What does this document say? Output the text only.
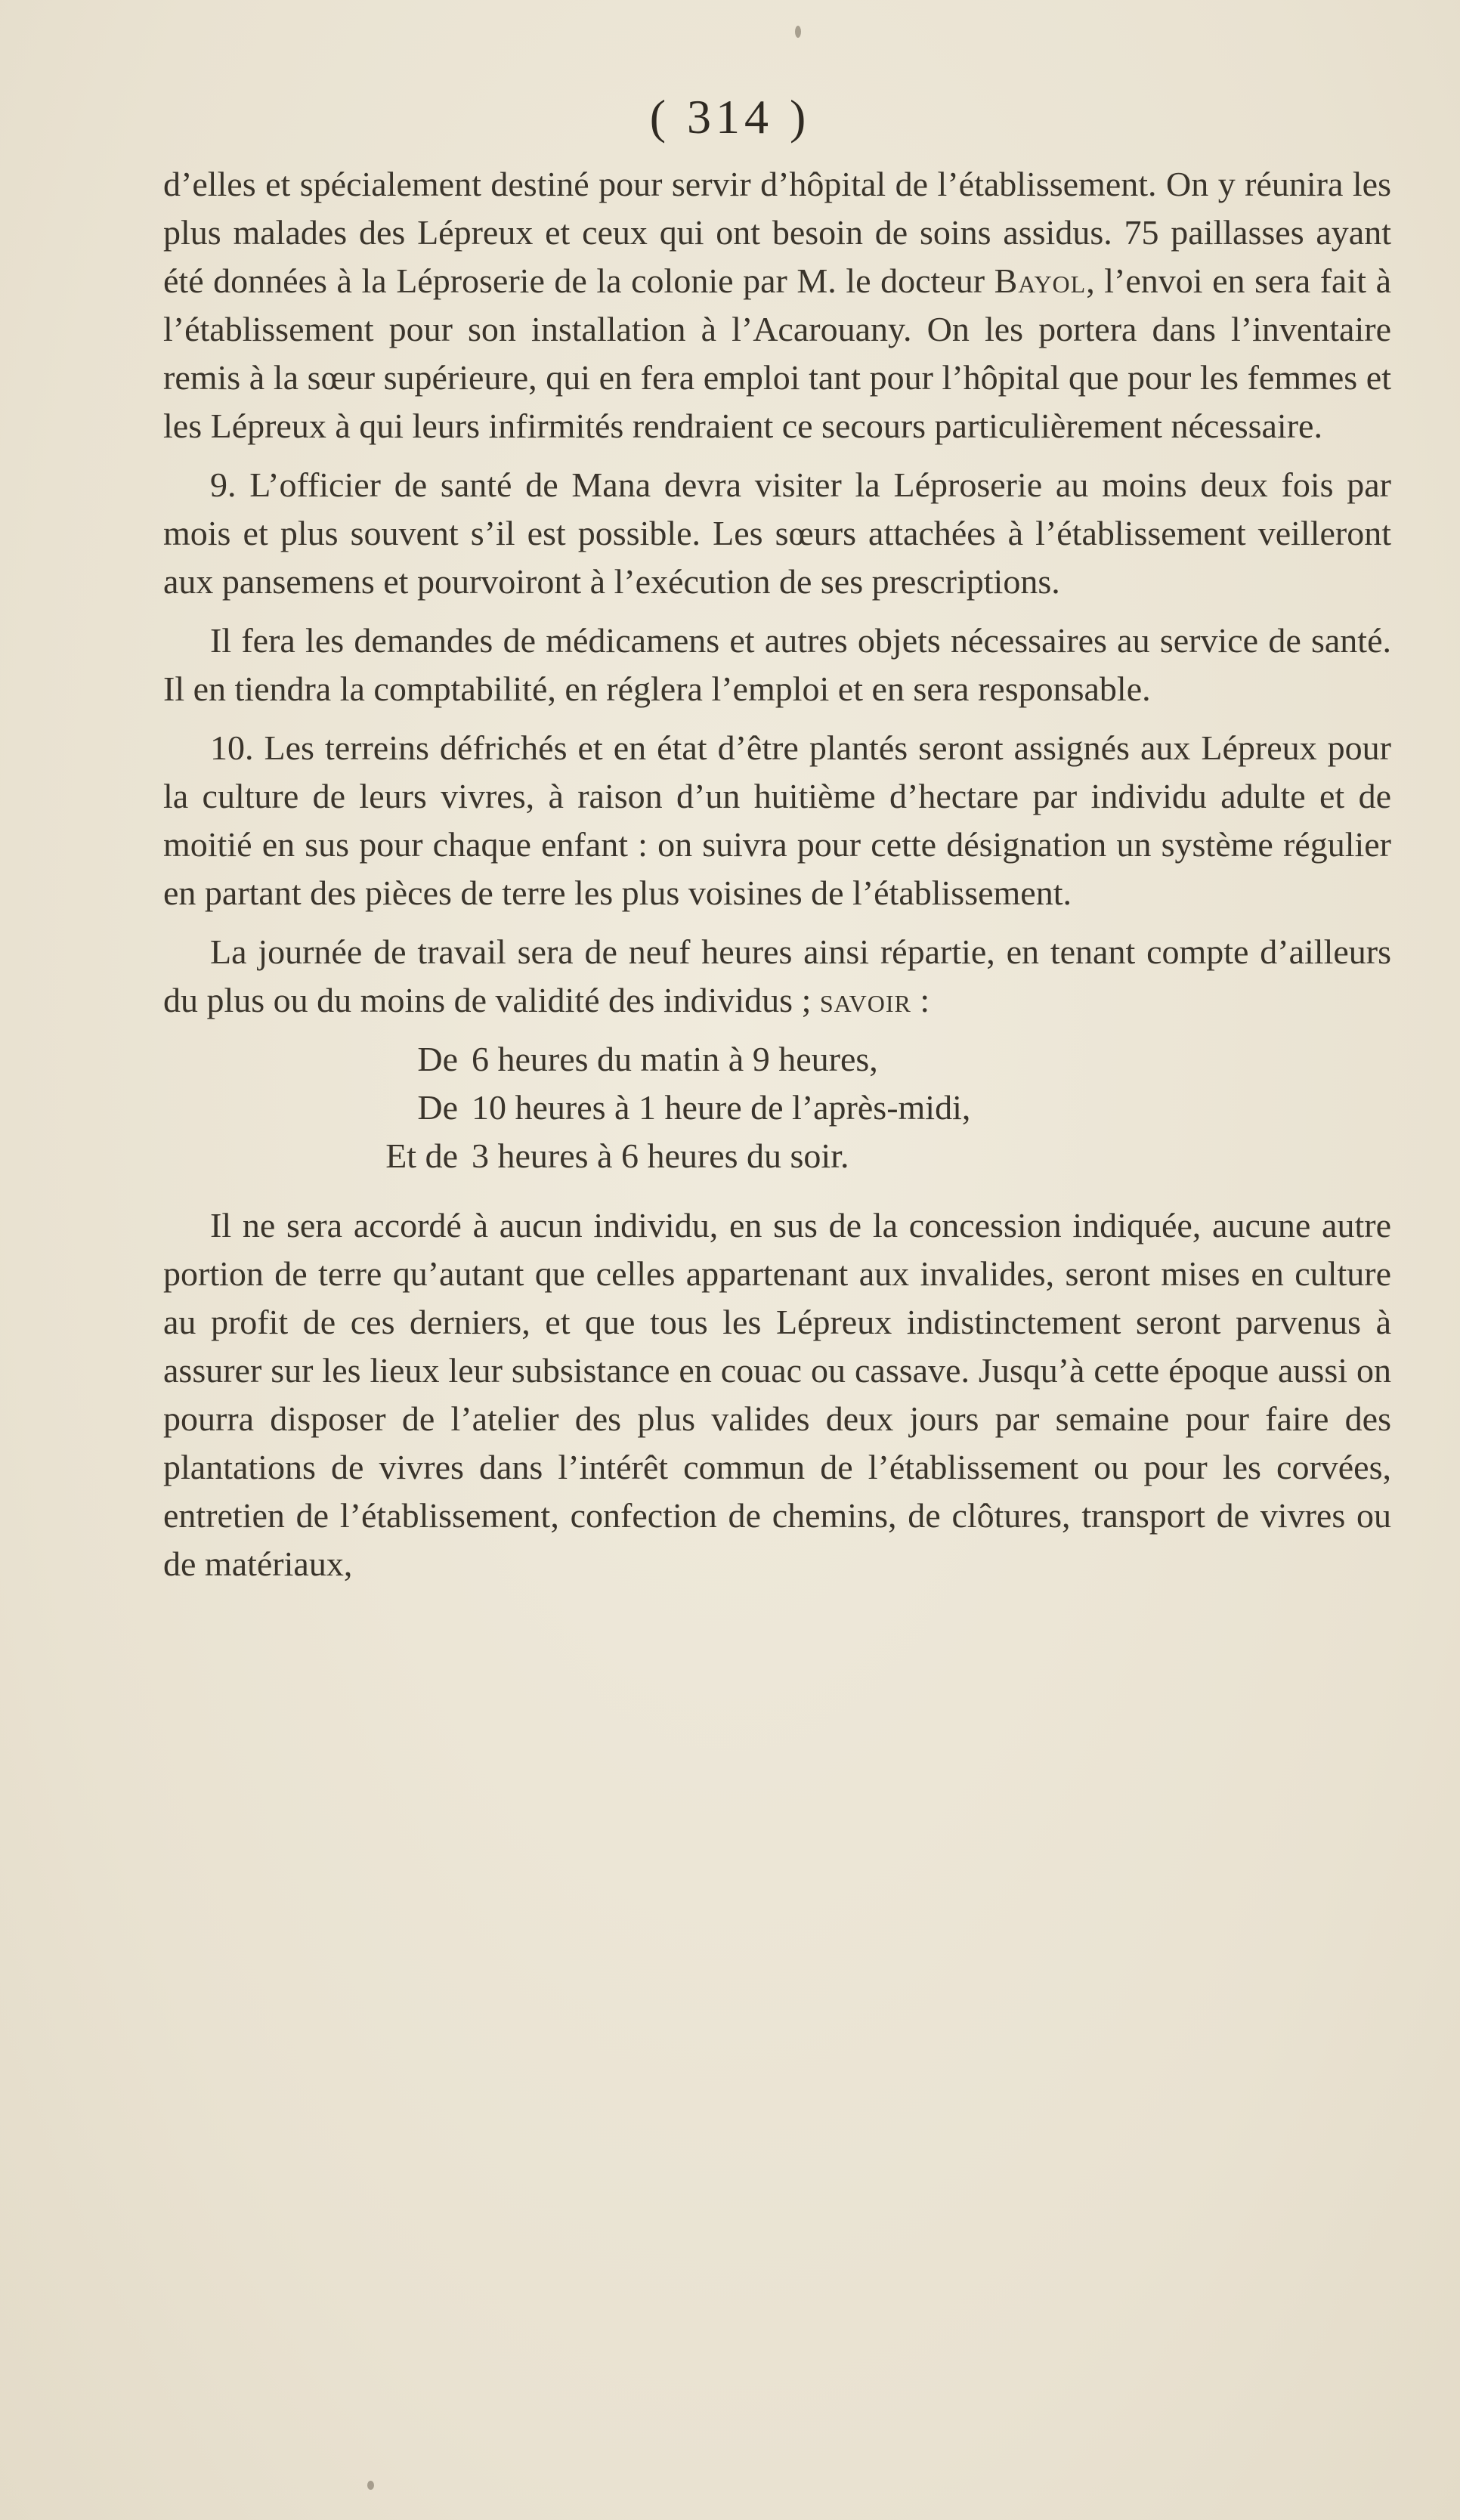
( 314 )

d’elles et spécialement destiné pour servir d’hôpital de l’établissement. On y réunira les plus malades des Lépreux et ceux qui ont besoin de soins assidus. 75 paillasses ayant été données à la Léproserie de la colonie par M. le docteur Bayol, l’envoi en sera fait à l’établissement pour son installation à l’Acarouany. On les portera dans l’inventaire remis à la sœur supérieure, qui en fera emploi tant pour l’hôpital que pour les femmes et les Lépreux à qui leurs infirmités rendraient ce secours particulièrement nécessaire.

9. L’officier de santé de Mana devra visiter la Léproserie au moins deux fois par mois et plus souvent s’il est possible. Les sœurs attachées à l’établissement veilleront aux pansemens et pourvoiront à l’exécution de ses prescriptions.

Il fera les demandes de médicamens et autres objets nécessaires au service de santé. Il en tiendra la comptabilité, en réglera l’emploi et en sera responsable.

10. Les terreins défrichés et en état d’être plantés seront assignés aux Lépreux pour la culture de leurs vivres, à raison d’un huitième d’hectare par individu adulte et de moitié en sus pour chaque enfant : on suivra pour cette désignation un système régulier en partant des pièces de terre les plus voisines de l’établissement.

La journée de travail sera de neuf heures ainsi répartie, en tenant compte d’ailleurs du plus ou du moins de validité des individus ; savoir :

De 6 heures du matin à 9 heures,
De 10 heures à 1 heure de l’après-midi,
Et de 3 heures à 6 heures du soir.

Il ne sera accordé à aucun individu, en sus de la concession indiquée, aucune autre portion de terre qu’autant que celles appartenant aux invalides, seront mises en culture au profit de ces derniers, et que tous les Lépreux indistinctement seront parvenus à assurer sur les lieux leur subsistance en couac ou cassave. Jusqu’à cette époque aussi on pourra disposer de l’atelier des plus valides deux jours par semaine pour faire des plantations de vivres dans l’intérêt commun de l’établissement ou pour les corvées, entretien de l’établissement, confection de chemins, de clôtures, transport de vivres ou de matériaux,
